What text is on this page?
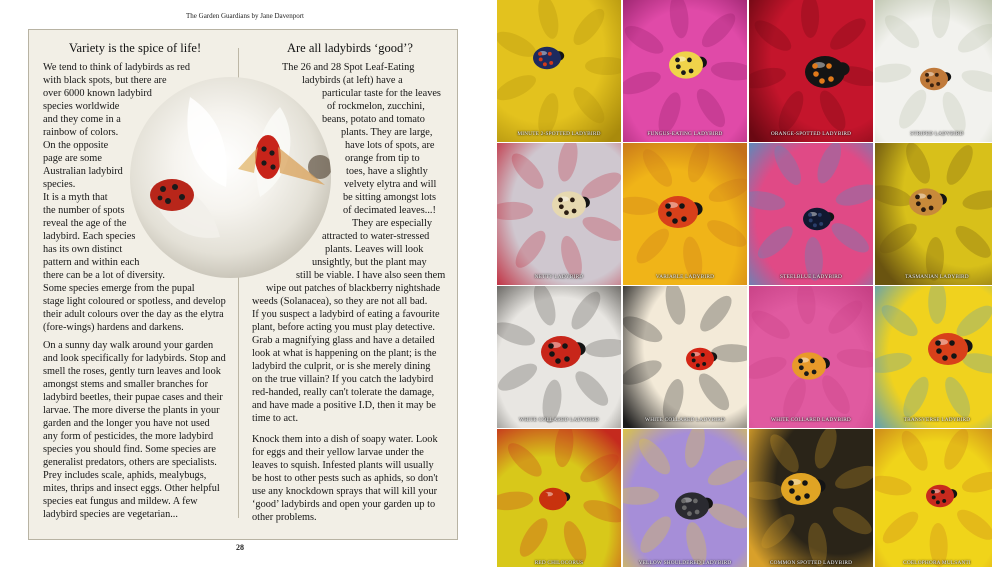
The Garden Guardians by Jane Davenport
Variety is the spice of life!	Are all ladybirds ‘good’?
We tend to think of ladybirds as red
with black spots, but there are
over 6000 known ladybird
species worldwide
and they come in a
rainbow of colors.
On the opposite
page are some
Australian ladybird
species.
It is a myth that
the number of spots
reveal the age of the
ladybird. Each species
has its own distinct
pattern and within each
there can be a lot of diversity.
Some species emerge from the pupal
stage light coloured or spotless, and develop
their adult colours over the day as the elytra
(fore-wings) hardens and darkens.
On a sunny day walk around your garden
and look specifically for ladybirds. Stop and
smell the roses, gently turn leaves and look
amongst stems and smaller branches for
ladybird beetles, their pupae cases and their
larvae. The more diverse the plants in your
garden and the longer you have not used
any form of pesticides, the more ladybird
species you should find. Some species are
generalist predators, others are specialists.
Prey includes scale, aphids, mealybugs,
mites, thrips and insect eggs. Other helpful
species eat fungus and mildew. A few
ladybird species are vegetarian...
The 26 and 28 Spot Leaf-Eating
ladybirds (at left) have a
particular taste for the leaves
of rockmelon, zucchini,
beans, potato and tomato
plants. They are large,
have lots of spots, are
orange from tip to
toes, have a slightly
velvety elytra and will
be sitting amongst lots
of decimated leaves...!
They are especially
attracted to water-stressed
plants. Leaves will look
unsightly, but the plant may
still be viable. I have also seen them
wipe out patches of blackberry nightshade
weeds (Solanacea), so they are not all bad.
If you suspect a ladybird of eating a favourite
plant, before acting you must play detective.
Grab a magnifying glass and have a detailed
look at what is happening on the plant; is the
ladybird the culprit, or is she merely dining
on the true villain? If you catch the ladybird
red-handed, really can't tolerate the damage,
and have made a positive I.D, then it may be
time to act.
Knock them into a dish of soapy water. Look
for eggs and their yellow larvae under the
leaves to squish. Infested plants will usually
be host to other pests such as aphids, so don't
use any knockdown sprays that will kill your
‘good’ ladybirds and open your garden up to
other problems.
28
MINUTE 2-SPOTTED LADYBIRD	FUNGUS-EATING LADYBIRD	ORANGE-SPOTTED LADYBIRD	STRIPED LADYBIRD
NETTY LADYBIRD	VARIABLE LADYBIRD	STEELBLUE LADYBIRD	TASMANIAN LADYBIRD
WHITE COLLARED LADYBIRD	WHITE COLLARED LADYBIRD	WHITE COLLARED LADYBIRD	TRANSVERSE LADYBIRD
RED CHILOCORUS	YELLOW SHOULDERED LADYBIRD	COMMON SPOTTED LADYBIRD	COELOPHORA MULSANTI
